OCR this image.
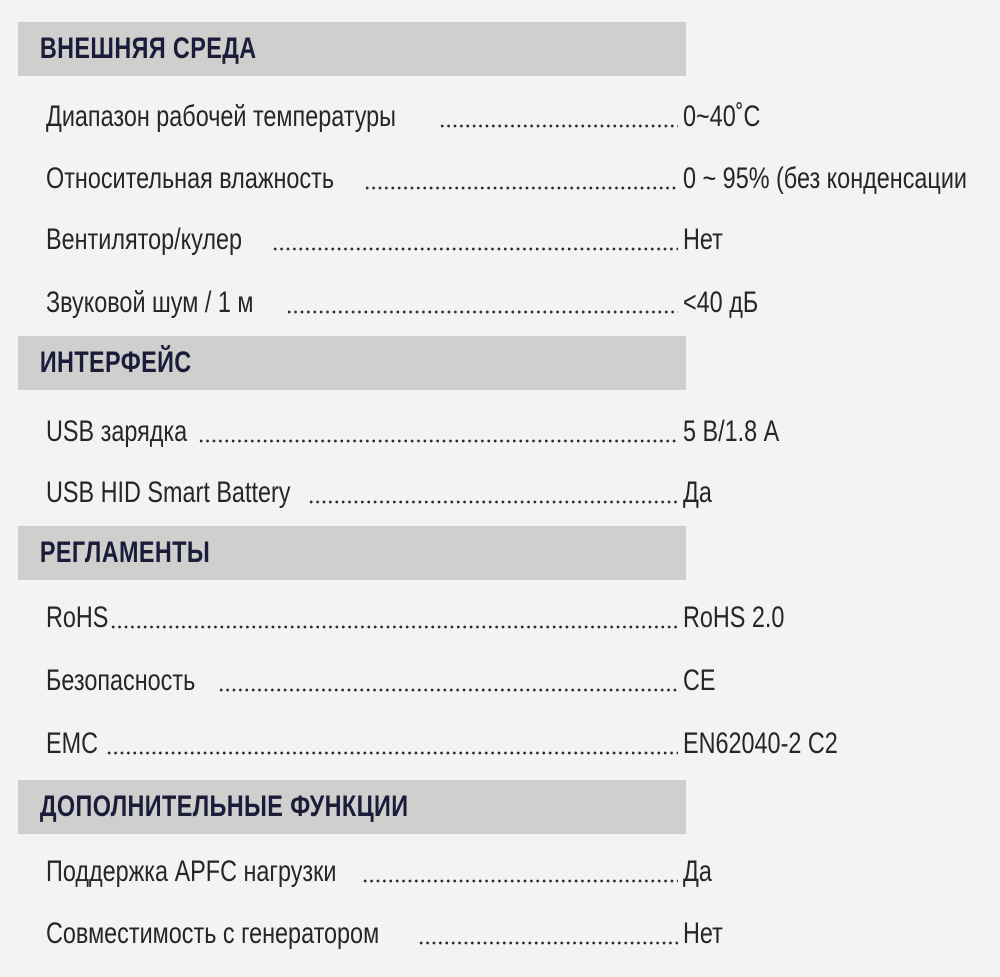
ВНЕШНЯЯ СРЕДА
Диапазон рабочей температуры	0~40˚C
Относительная влажность	0 ~ 95% (без конденсации
Вентилятор/кулер	Нет
Звуковой шум / 1 м	<40 дБ
ИНТЕРФЕЙС
USB зарядка	5 В/1.8 А
USB HID Smart Battery	Да
РЕГЛАМЕНТЫ
RoHS	RoHS 2.0
Безопасность	CE
EMC	EN62040-2 C2
ДОПОЛНИТЕЛЬНЫЕ ФУНКЦИИ
Поддержка APFC нагрузки	Да
Совместимость с генератором	Нет
